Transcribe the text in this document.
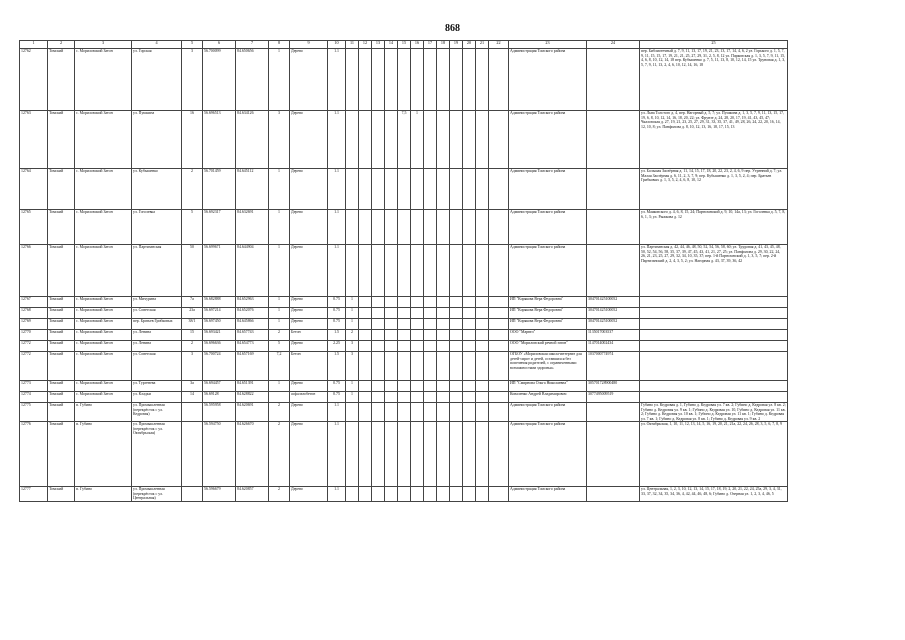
868
1	2	3	4	5	6	7	8	9	10	11	12	13	14	15	16	17	18	19	20	21	22	23	24	25
12762	Томский	с. Мориловский Затон	ул. Горская	3	56.700099	84.650656	1	Дерево	1.1													Администрация Томского района		пер. Библиотечный д. 7, 9, 11, 13, 17, 19, 21, 23, 13, 17, 14, 4, 6, 2 ул. Горького д. 1, 5, 7, 9, 11, 15, 15, 17, 19, 21, 21, 25, 27, 29, 31, 2, 5, 8, 12 ул. Парковская д. 1, 3, 5, 7, 9, 11, 15, 4, 6, 8, 10, 12, 14, 18 пер. Кубышенко д. 7, 5, 11, 13, 8, 10, 12, 14, 15 ул. Труновая д. 1, 3, 5, 7, 9, 11, 13, 2, 4, 6, 10, 12, 14, 16, 18
12763	Томский	с. Мориловский Затон	ул. Пушкина	16	56.696513	84.634126	3	Дерево	1.1					7,5	1							Администрация Томского района		ул. Льва Толстого д. 4, пер. Нагорный д. 5, 7; ул. Пушкина д. 1, 3, 5, 7, 9, 11, 13, 15, 17, 19, 6, 8, 10, 12, 14, 16, 18, 20, 22; ул. Фрунзе д. 24, 28, 20, 17, 19, 41, 43, 45, 47; Чкаловская д. 27, 19, 21, 23, 25, 27, 29, 31, 33, 35, 37, 41, 49, 28, 26, 24, 22, 20, 16, 14, 12, 10, 8; ул. Панфилова д. 8, 10, 12, 13, 16, 18, 17, 15, 13
12764	Томский	с. Мориловский Затон	ул. Кубышенко	2	56.701459	84.645112	1	Дерево	1.1													Администрация Томского района		ул. Большая Заозёрная д. 11, 14, 15, 17, 18, 20, 22, 23, 2, 4, 6, 9 пер. Утренний д. 7; ул. Малая Заозёрная д. 6, 11, 2, 3, 7, 9; пер. Кубышенко д. 1, 3, 5, 2, 4; пер. Братьев Грибковых д. 1, 3, 5, 2, 4, 6, 8, 10, 12
12765	Томский	с. Мориловский Затон	ул. Гоголевка	5	56.692317	84.632691	1	Дерево	1.1													Администрация Томского района		ул. Маяковского д. 4, 6, 8, 15, 24; Партизанский д. 9, 10, 14а, 13; ул. Гоголевка д. 5, 7, 8, 6, 1, 3; ул. Рыжкова д. 12
12766	Томский	с. Мориловский Затон	ул. Партизанская	50	56.699671	84.644904	1	Дерево	1.1													Администрация Томского района		ул. Партизанская д. 42, 44, 46, 48, 50, 52, 54, 56, 58, 60; ул. Трудовая д. 41, 43, 45, 48, 50, 52, 54, 56, 58, 35, 37, 39, 47, 45, 43, 41, 21, 27, 25; ул. Панфилова д. 29, 30, 22, 24, 26, 21, 23, 25, 27, 29, 32, 34, 10, 35, 37; пер. 1-й Партизанский д. 1, 3, 5, 7; пер. 2-й Партизанский д. 2, 4, 3, 5, 2; ул. Нагорная д. 43, 37, 39, 36, 42
12767	Томский	с. Мориловский Затон	ул. Мичурина	7а	56.682888	84.652963	1	Дерево	0.75	1												ИП "Корякова Вера Федоровна"	304701425100052	
12768	Томский	с. Мориловский Затон	ул. Советская	23а	56.697214	84.652076	1	Дерево	0.75	1												ИП "Корякова Вера Федоровна"	304701425100052	
12769	Томский	с. Мориловский Затон	пер. Братьев Грибковых	38/1	56.697450	84.645866	1	Дерево	0.75	1												ИП "Корякова Вера Федоровна"	304701425100052	
12770	Томский	с. Мориловский Затон	ул. Ленина	15	56.693421	84.657743	2	Бетон	1.5	2												ООО "Марвел"	1135017003537	
12772	Томский	с. Мориловский Затон	ул. Ленина	2	56.696636	84.654773	5	Дерево	2.25	3												ООО "Мориловский речной затон"	1147014002434	
12772	Томский	с. Мориловский Затон	ул. Советская	3	56.700724	84.657169	7,2	Бетон	1.5	3												ОГБОУ «Мориловская школа-интернат для детей-сирот и детей, оставшихся без попечения родителей, с ограниченными возможностями здоровья»	1037000774974	
12773	Томский	с. Мориловский Затон	ул. Тургенева	3а	56.694457	84.651391	1	Дерево	0.75	1												ИП "Смирнова Ольга Николаевна"	305701728900480	
12774	Томский	с. Мориловский Затон	ул. Кладки	14	56.69128	84.628822		асфальтобетон	0.75	1												Коваленко Андрей Владимирович	3077495009519	
12775	Томский	п. Губино	ул. Промышленная (перекрёсток с ул. Кедровая)		56.595958	84.620691	2	Дерево	1.1													Администрация Томского района		Губино ул. Кедровая д. 1, Губино д. Кедровая ул. 7 кв. 2; Губино д. Кедровая ул. 8 кв. 2; Губино д. Кедровая ул. 9 кв. 1; Губино д. Кедровая ул. 10, Губино д. Кедровая ул. 11 кв. 2; Губино д. Кедровая ул. 10 кв. 1; Губино д. Кедровая ул. 11 кв. 1; Губино д. Кедровая ул. 7 кв. 1; Губино д. Кедровая ул. 8 кв. 1; Губино д. Кедровая ул. 9 кв. 2
12776	Томский	п. Губино	ул. Промышленная (перекрёсток с ул. Октябрьская)		56.594750	84.626670	2	Дерево	1.1													Администрация Томского района		ул. Октябрьская, 1, 10, 11, 12, 13, 14, 5, 16, 19, 20, 21, 21а, 22, 24, 26, 28, 3, 5, 6, 7, 8, 9
12777	Томский	п. Губино	ул. Промышленная (перекрёсток с ул. Центральная)		56.596679	84.620857	2	Дерево	1.1													Администрация Томского района		ул. Центральная, 1, 2, 3, 10, 12, 13, 14, 15, 17, 18, 19, 2, 20, 21, 22, 24, 25а, 29, 3, 4, 31, 33, 37, 32, 34, 35, 34, 36, 4, 42, 44, 46, 48, 6; Губино д. Озерная ул. 1, 2, 3, 4, 46, 5
